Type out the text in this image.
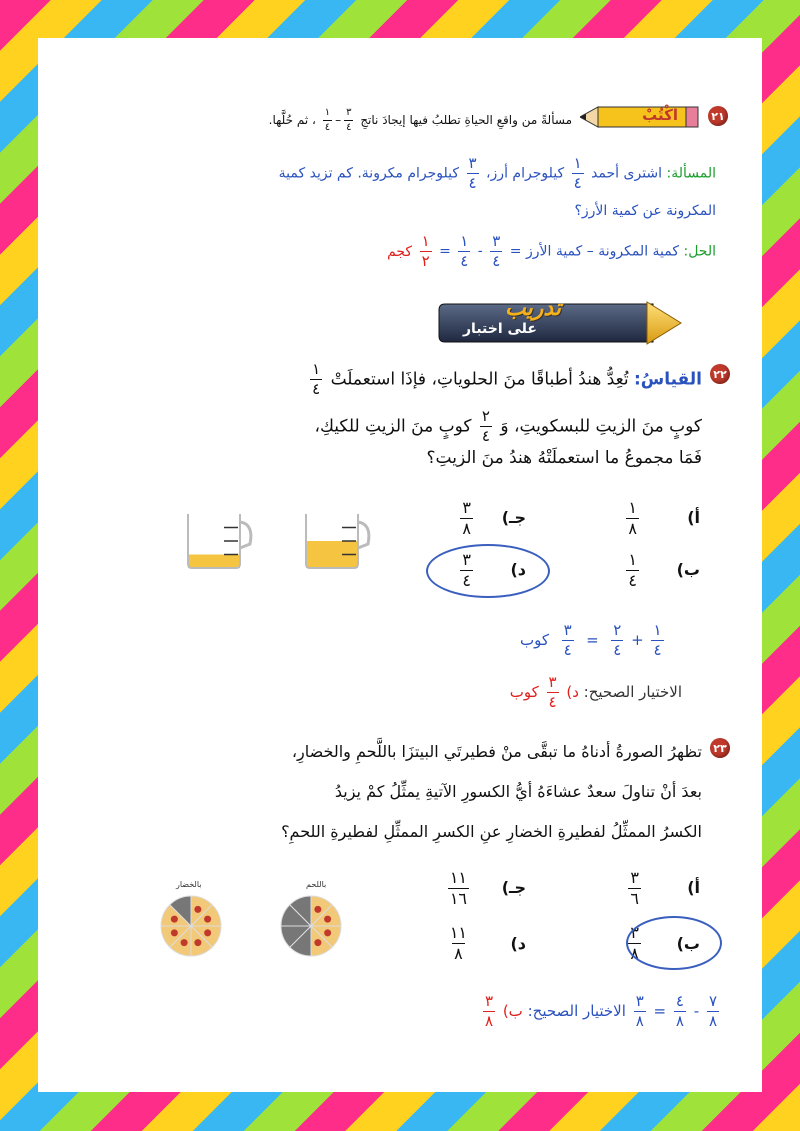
٢١
اكْتُبْ
مسألةً من واقعِ الحياةِ تطلبُ فيها إيجادَ ناتجِ
$\frac{٣}{٤}$
–
$\frac{١}{٤}$
، ثم حُلَّها.
المسألة: اشترى أحمد
$\frac{١}{٤}$
كيلوجرام أرز،
$\frac{٣}{٤}$
كيلوجرام مكرونة. كم تزيد كمية
المكرونة عن كمية الأرز؟
الحل: كمية المكرونة – كمية الأرز =
$\frac{٣}{٤}$
-
$\frac{١}{٤}$
=
$\frac{١}{٢}$
كجم
تدريب
على اختبار
٢٢
القياسُ: تُعِدُّ هندُ أطباقًا منَ الحلوياتِ، فإذَا استعملَتْ
$\frac{١}{٤}$
كوبٍ منَ الزيتِ للبسكويتِ، وَ
$\frac{٢}{٤}$
كوبٍ منَ الزيتِ للكيكِ،
فَمَا مجموعُ ما استعملَتْهُ هندُ منَ الزيتِ؟
أ)
١
٨
ب)
١
٤
جـ)
٣
٨
د)
٣
٤
كوب $\frac{٣}{٤} = \frac{٢}{٤} + \frac{١}{٤}$
الاختيار الصحيح: د)
$\frac{٣}{٤}$
كوب
٢٣
تظهرُ الصورةُ أدناهُ ما تبقَّى منْ فطيرتَي البيتزَا باللَّحمِ والخضارِ،
بعدَ أنْ تناولَ سعدٌ عشاءَهُ أيُّ الكسورِ الآتيةِ يمثِّلُ كمْ يزيدُ
الكسرُ الممثِّلُ لفطيرةِ الخضارِ عنِ الكسرِ الممثِّلِ لفطيرةِ اللحمِ؟
بالخضار	باللحم	أ)
٣
٦
ب)
٣
٨
جـ)
١١
١٦
د)
١١
٨
$\frac{٧}{٨}$
-
$\frac{٤}{٨}$
=
$\frac{٣}{٨}$
الاختيار الصحيح: ب)
$\frac{٣}{٨}$
